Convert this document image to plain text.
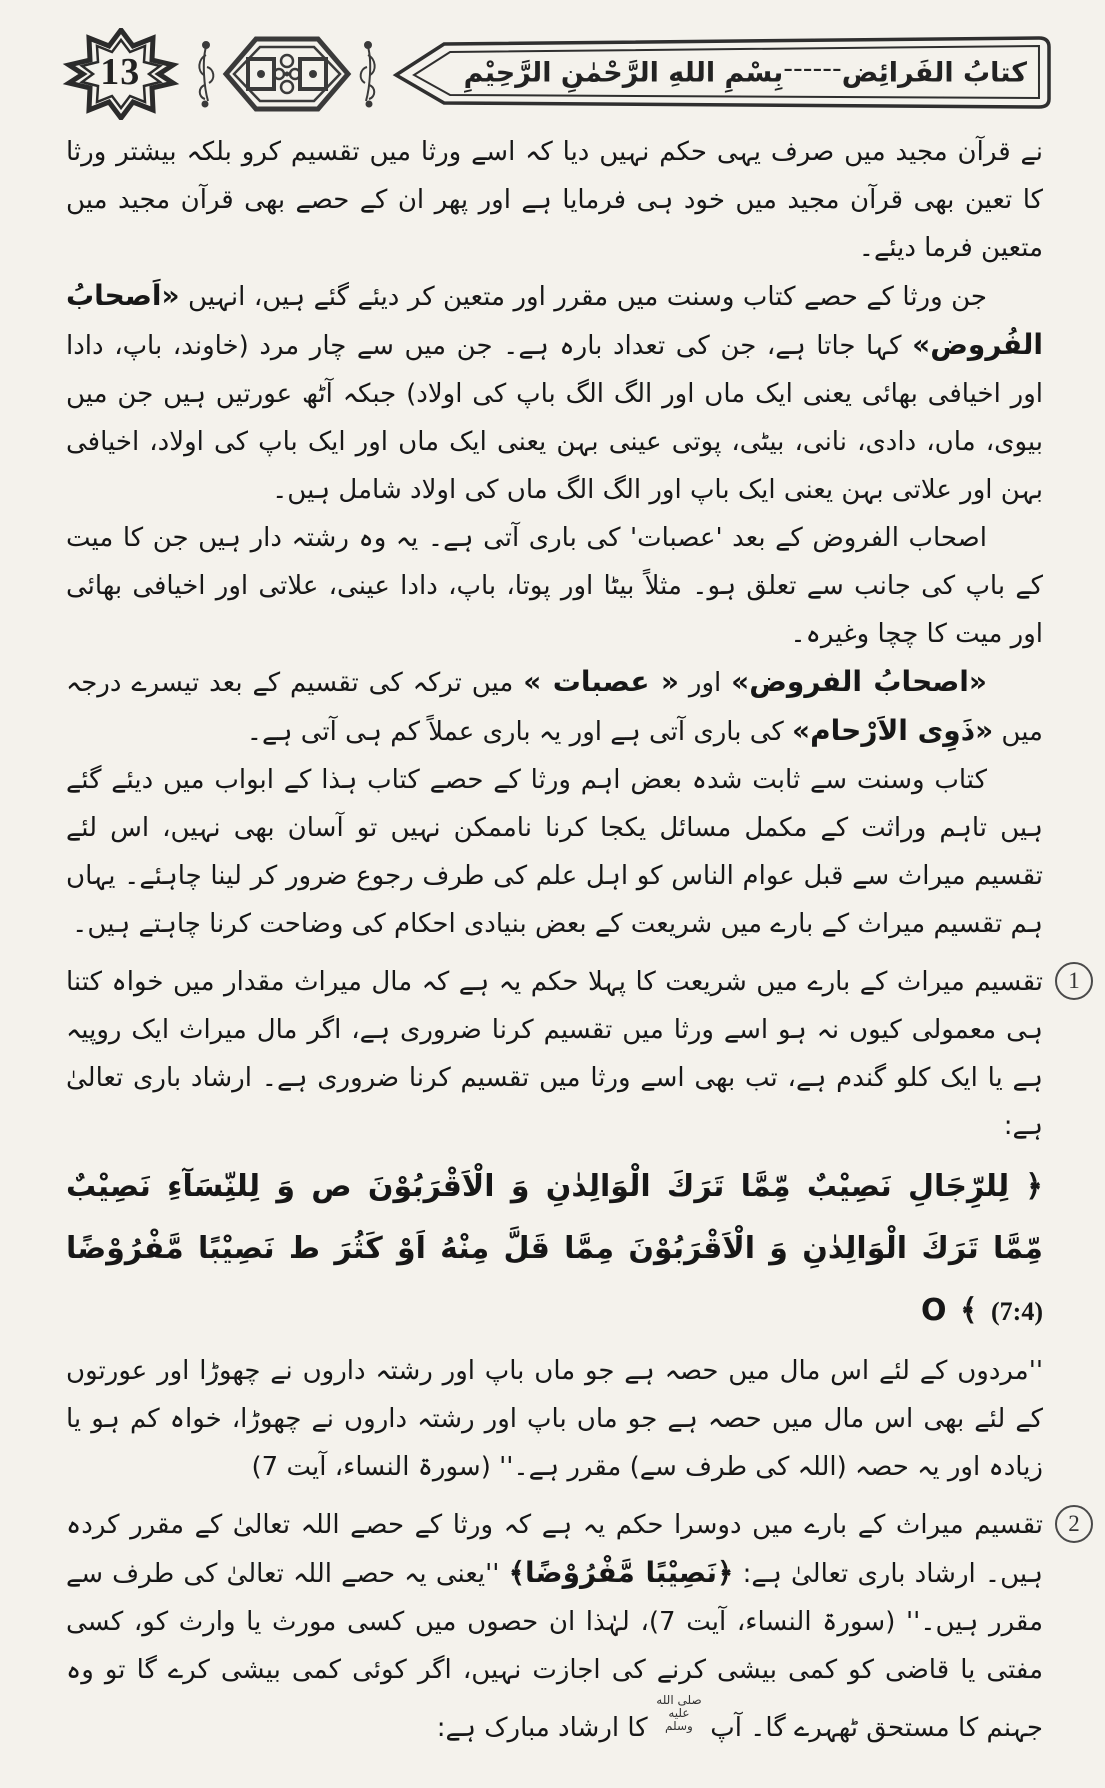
13	کتابُ الفَرائِض------بِسْمِ اللهِ الرَّحْمٰنِ الرَّحِيْمِ

نے قرآن مجید میں صرف یہی حکم نہیں دیا کہ اسے ورثا میں تقسیم کرو بلکہ بیشتر ورثا کا تعین بھی قرآن مجید میں خود ہی فرمایا ہے اور پھر ان کے حصے بھی قرآن مجید میں متعین فرما دیئے۔

جن ورثا کے حصے کتاب وسنت میں مقرر اور متعین کر دیئے گئے ہیں، انہیں «اَصحابُ الفُروض» کہا جاتا ہے، جن کی تعداد بارہ ہے۔ جن میں سے چار مرد (خاوند، باپ، دادا اور اخیافی بھائی یعنی ایک ماں اور الگ الگ باپ کی اولاد) جبکہ آٹھ عورتیں ہیں جن میں بیوی، ماں، دادی، نانی، بیٹی، پوتی عینی بہن یعنی ایک ماں اور ایک باپ کی اولاد، اخیافی بہن اور علاتی بہن یعنی ایک باپ اور الگ الگ ماں کی اولاد شامل ہیں۔

اصحاب الفروض کے بعد 'عصبات' کی باری آتی ہے۔ یہ وہ رشتہ دار ہیں جن کا میت کے باپ کی جانب سے تعلق ہو۔ مثلاً بیٹا اور پوتا، باپ، دادا عینی، علاتی اور اخیافی بھائی اور میت کا چچا وغیرہ۔

«اصحابُ الفروض» اور « عصبات » میں ترکہ کی تقسیم کے بعد تیسرے درجہ میں «ذَوِی الاَرْحام» کی باری آتی ہے اور یہ باری عملاً کم ہی آتی ہے۔

کتاب وسنت سے ثابت شدہ بعض اہم ورثا کے حصے کتاب ہذا کے ابواب میں دیئے گئے ہیں تاہم وراثت کے مکمل مسائل یکجا کرنا ناممکن نہیں تو آسان بھی نہیں، اس لئے تقسیم میراث سے قبل عوام الناس کو اہل علم کی طرف رجوع ضرور کر لینا چاہئے۔ یہاں ہم تقسیم میراث کے بارے میں شریعت کے بعض بنیادی احکام کی وضاحت کرنا چاہتے ہیں۔

1

تقسیم میراث کے بارے میں شریعت کا پہلا حکم یہ ہے کہ مال میراث مقدار میں خواہ کتنا ہی معمولی کیوں نہ ہو اسے ورثا میں تقسیم کرنا ضروری ہے، اگر مال میراث ایک روپیہ ہے یا ایک کلو گندم ہے، تب بھی اسے ورثا میں تقسیم کرنا ضروری ہے۔ ارشاد باری تعالیٰ ہے:

﴿ لِلرِّجَالِ نَصِيْبٌ مِّمَّا تَرَكَ الْوَالِدٰنِ وَ الْاَقْرَبُوْنَ ص وَ لِلنِّسَآءِ نَصِيْبٌ مِّمَّا تَرَكَ الْوَالِدٰنِ وَ الْاَقْرَبُوْنَ مِمَّا قَلَّ مِنْهُ اَوْ كَثُرَ ط نَصِيْبًا مَّفْرُوْضًا O ﴾ (7:4)

''مردوں کے لئے اس مال میں حصہ ہے جو ماں باپ اور رشتہ داروں نے چھوڑا اور عورتوں کے لئے بھی اس مال میں حصہ ہے جو ماں باپ اور رشتہ داروں نے چھوڑا، خواہ کم ہو یا زیادہ اور یہ حصہ (اللہ کی طرف سے) مقرر ہے۔'' (سورۃ النساء، آیت 7)

2

تقسیم میراث کے بارے میں دوسرا حکم یہ ہے کہ ورثا کے حصے اللہ تعالیٰ کے مقرر کردہ ہیں۔ ارشاد باری تعالیٰ ہے: ﴿نَصِيْبًا مَّفْرُوْضًا﴾ ''یعنی یہ حصے اللہ تعالیٰ کی طرف سے مقرر ہیں۔'' (سورۃ النساء، آیت 7)، لہٰذا ان حصوں میں کسی مورث یا وارث کو، کسی مفتی یا قاضی کو کمی بیشی کرنے کی اجازت نہیں، اگر کوئی کمی بیشی کرے گا تو وہ جہنم کا مستحق ٹھہرے گا۔ آپ صلى الله عليه وسلم کا ارشاد مبارک ہے:
